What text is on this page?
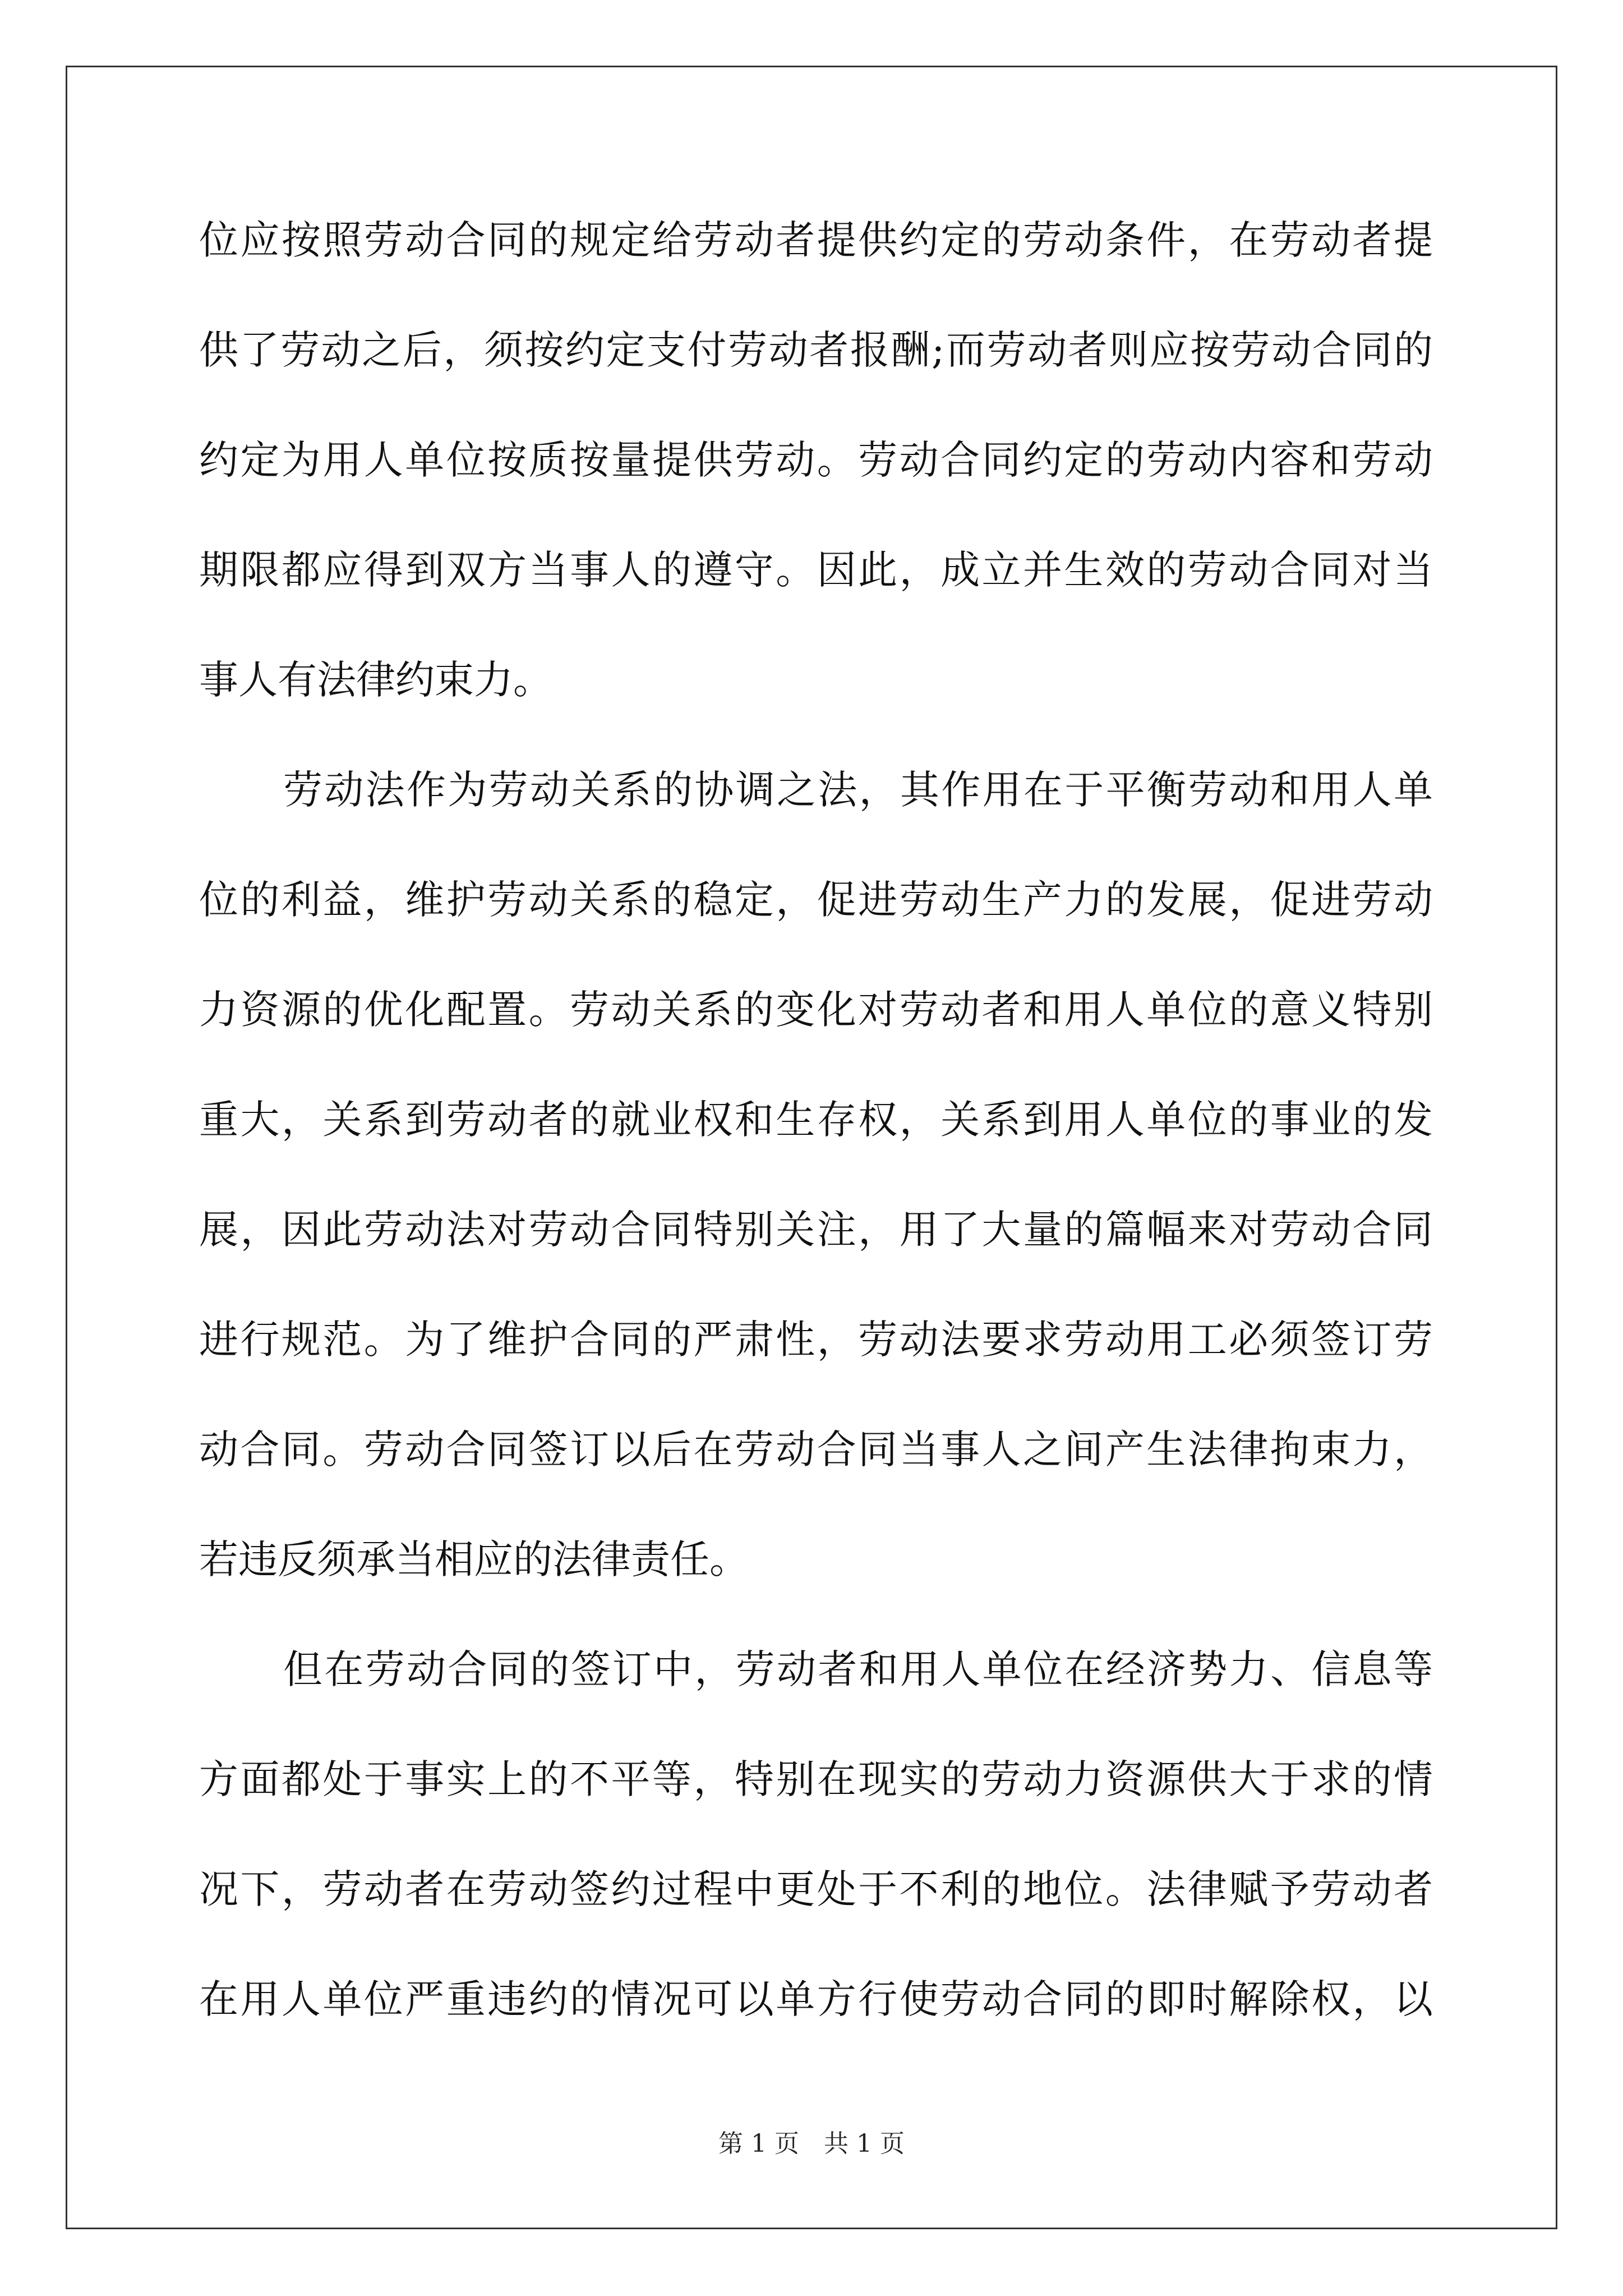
位应按照劳动合同的规定给劳动者提供约定的劳动条件，在劳动者提
供了劳动之后，须按约定支付劳动者报酬;而劳动者则应按劳动合同的
约定为用人单位按质按量提供劳动。劳动合同约定的劳动内容和劳动
期限都应得到双方当事人的遵守。因此，成立并生效的劳动合同对当
事人有法律约束力。
劳动法作为劳动关系的协调之法，其作用在于平衡劳动和用人单
位的利益，维护劳动关系的稳定，促进劳动生产力的发展，促进劳动
力资源的优化配置。劳动关系的变化对劳动者和用人单位的意义特别
重大，关系到劳动者的就业权和生存权，关系到用人单位的事业的发
展，因此劳动法对劳动合同特别关注，用了大量的篇幅来对劳动合同
进行规范。为了维护合同的严肃性，劳动法要求劳动用工必须签订劳
动合同。劳动合同签订以后在劳动合同当事人之间产生法律拘束力，
若违反须承当相应的法律责任。
但在劳动合同的签订中，劳动者和用人单位在经济势力、信息等
方面都处于事实上的不平等，特别在现实的劳动力资源供大于求的情
况下，劳动者在劳动签约过程中更处于不利的地位。法律赋予劳动者
在用人单位严重违约的情况可以单方行使劳动合同的即时解除权，以
第 1 页 共 1 页
